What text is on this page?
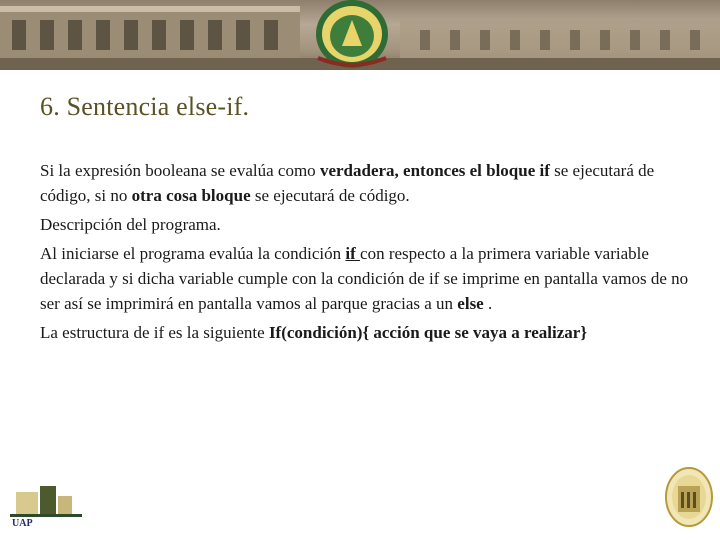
6. Sentencia else-if.

Si la expresión booleana se evalúa como verdadera, entonces el bloque if se ejecutará de código, si no otra cosa bloque se ejecutará de código.

Descripción del programa.

Al iniciarse el programa evalúa la condición if con respecto a la primera variable variable declarada y si dicha variable cumple con la condición de if se imprime en pantalla vamos de no ser así se imprimirá en pantalla vamos al parque gracias a un else .

La estructura de if es la siguiente If(condición){ acción que se vaya a realizar}

UAP
